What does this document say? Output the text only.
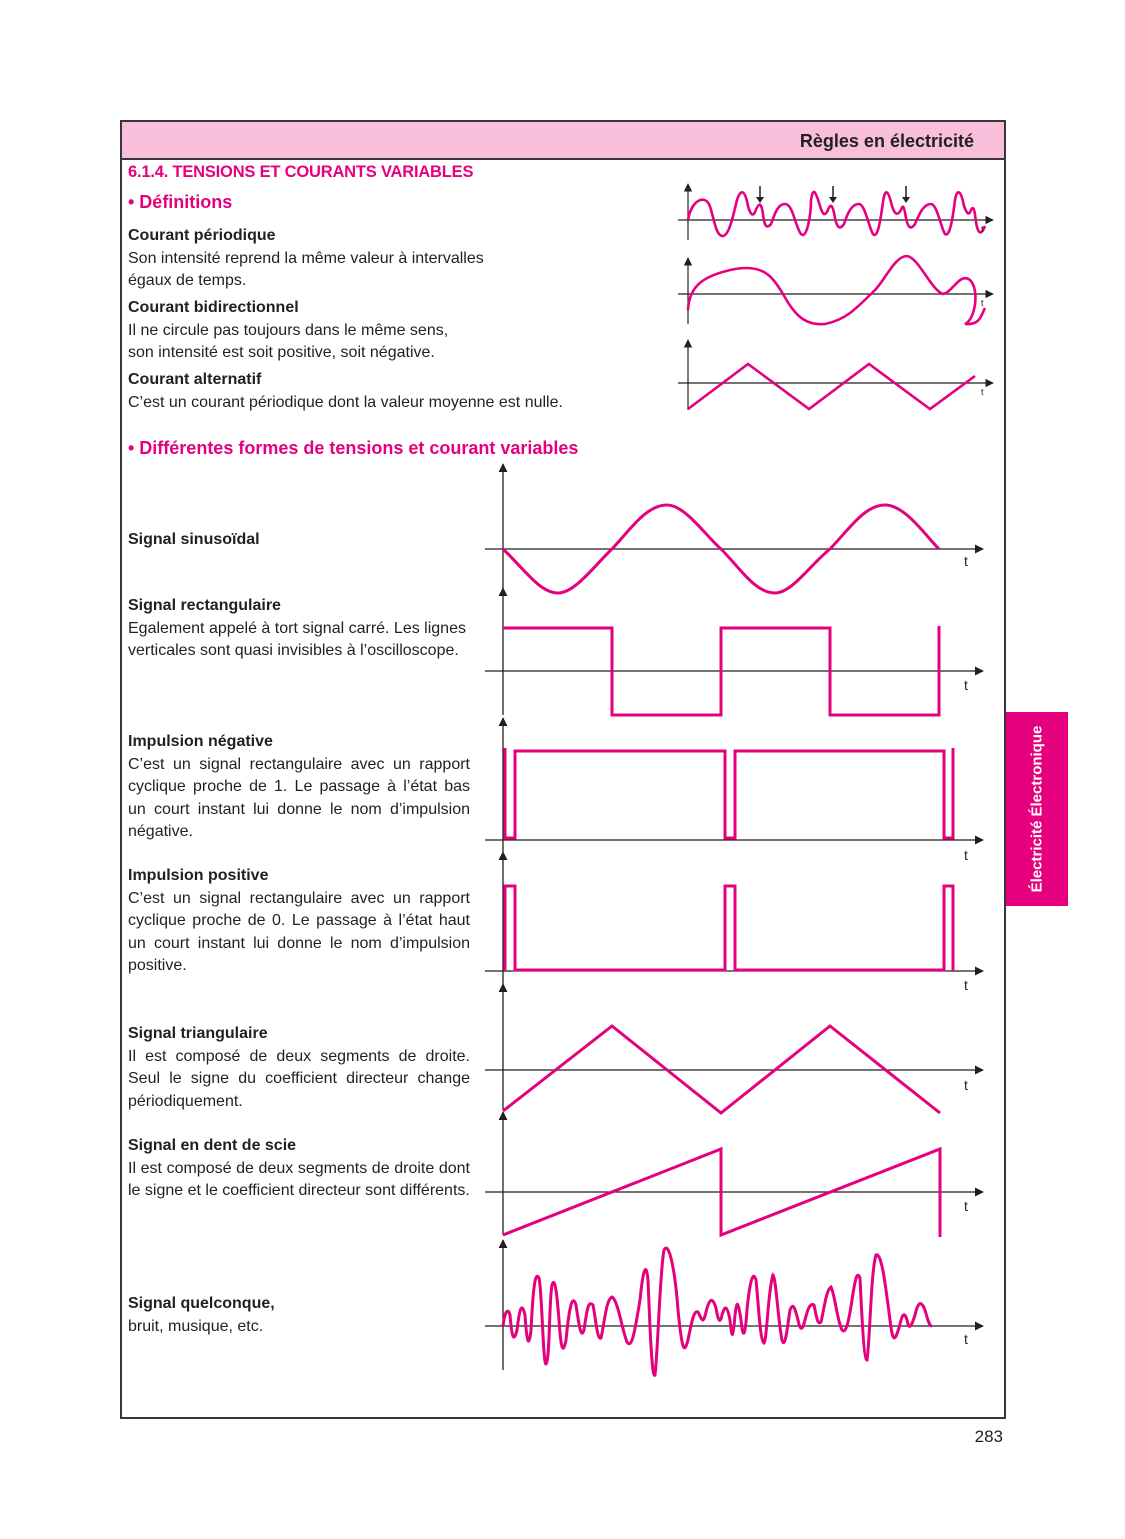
Règles en électricité
6.1.4. TENSIONS ET COURANTS VARIABLES
• Définitions
Courant périodique
Son intensité reprend la même valeur à intervalles
égaux de temps.
Courant bidirectionnel
Il ne circule pas toujours dans le même sens,
son intensité est soit positive, soit négative.
Courant alternatif
C’est un courant périodique dont la valeur moyenne est nulle.
• Différentes formes de tensions et courant variables
Signal sinusoïdal
Signal rectangulaire
Egalement appelé à tort signal carré. Les lignes verticales sont quasi invisibles à l’oscilloscope.
Impulsion négative
C’est un signal rectangulaire avec un rapport cyclique proche de 1. Le passage à l’état bas un court instant lui donne le nom d’impulsion négative.
Impulsion positive
C’est un signal rectangulaire avec un rapport cyclique proche de 0. Le passage à l’état haut un court instant lui donne le nom d’impulsion positive.
Signal triangulaire
Il est composé de deux segments de droite. Seul le signe du coefficient directeur change périodiquement.
Signal en dent de scie
Il est composé de deux segments de droite dont le signe et le coefficient directeur sont différents.
Signal quelconque,
bruit, musique, etc.
t
t
t
t
t
t
t
t
t
t
Électricité Électronique
283
